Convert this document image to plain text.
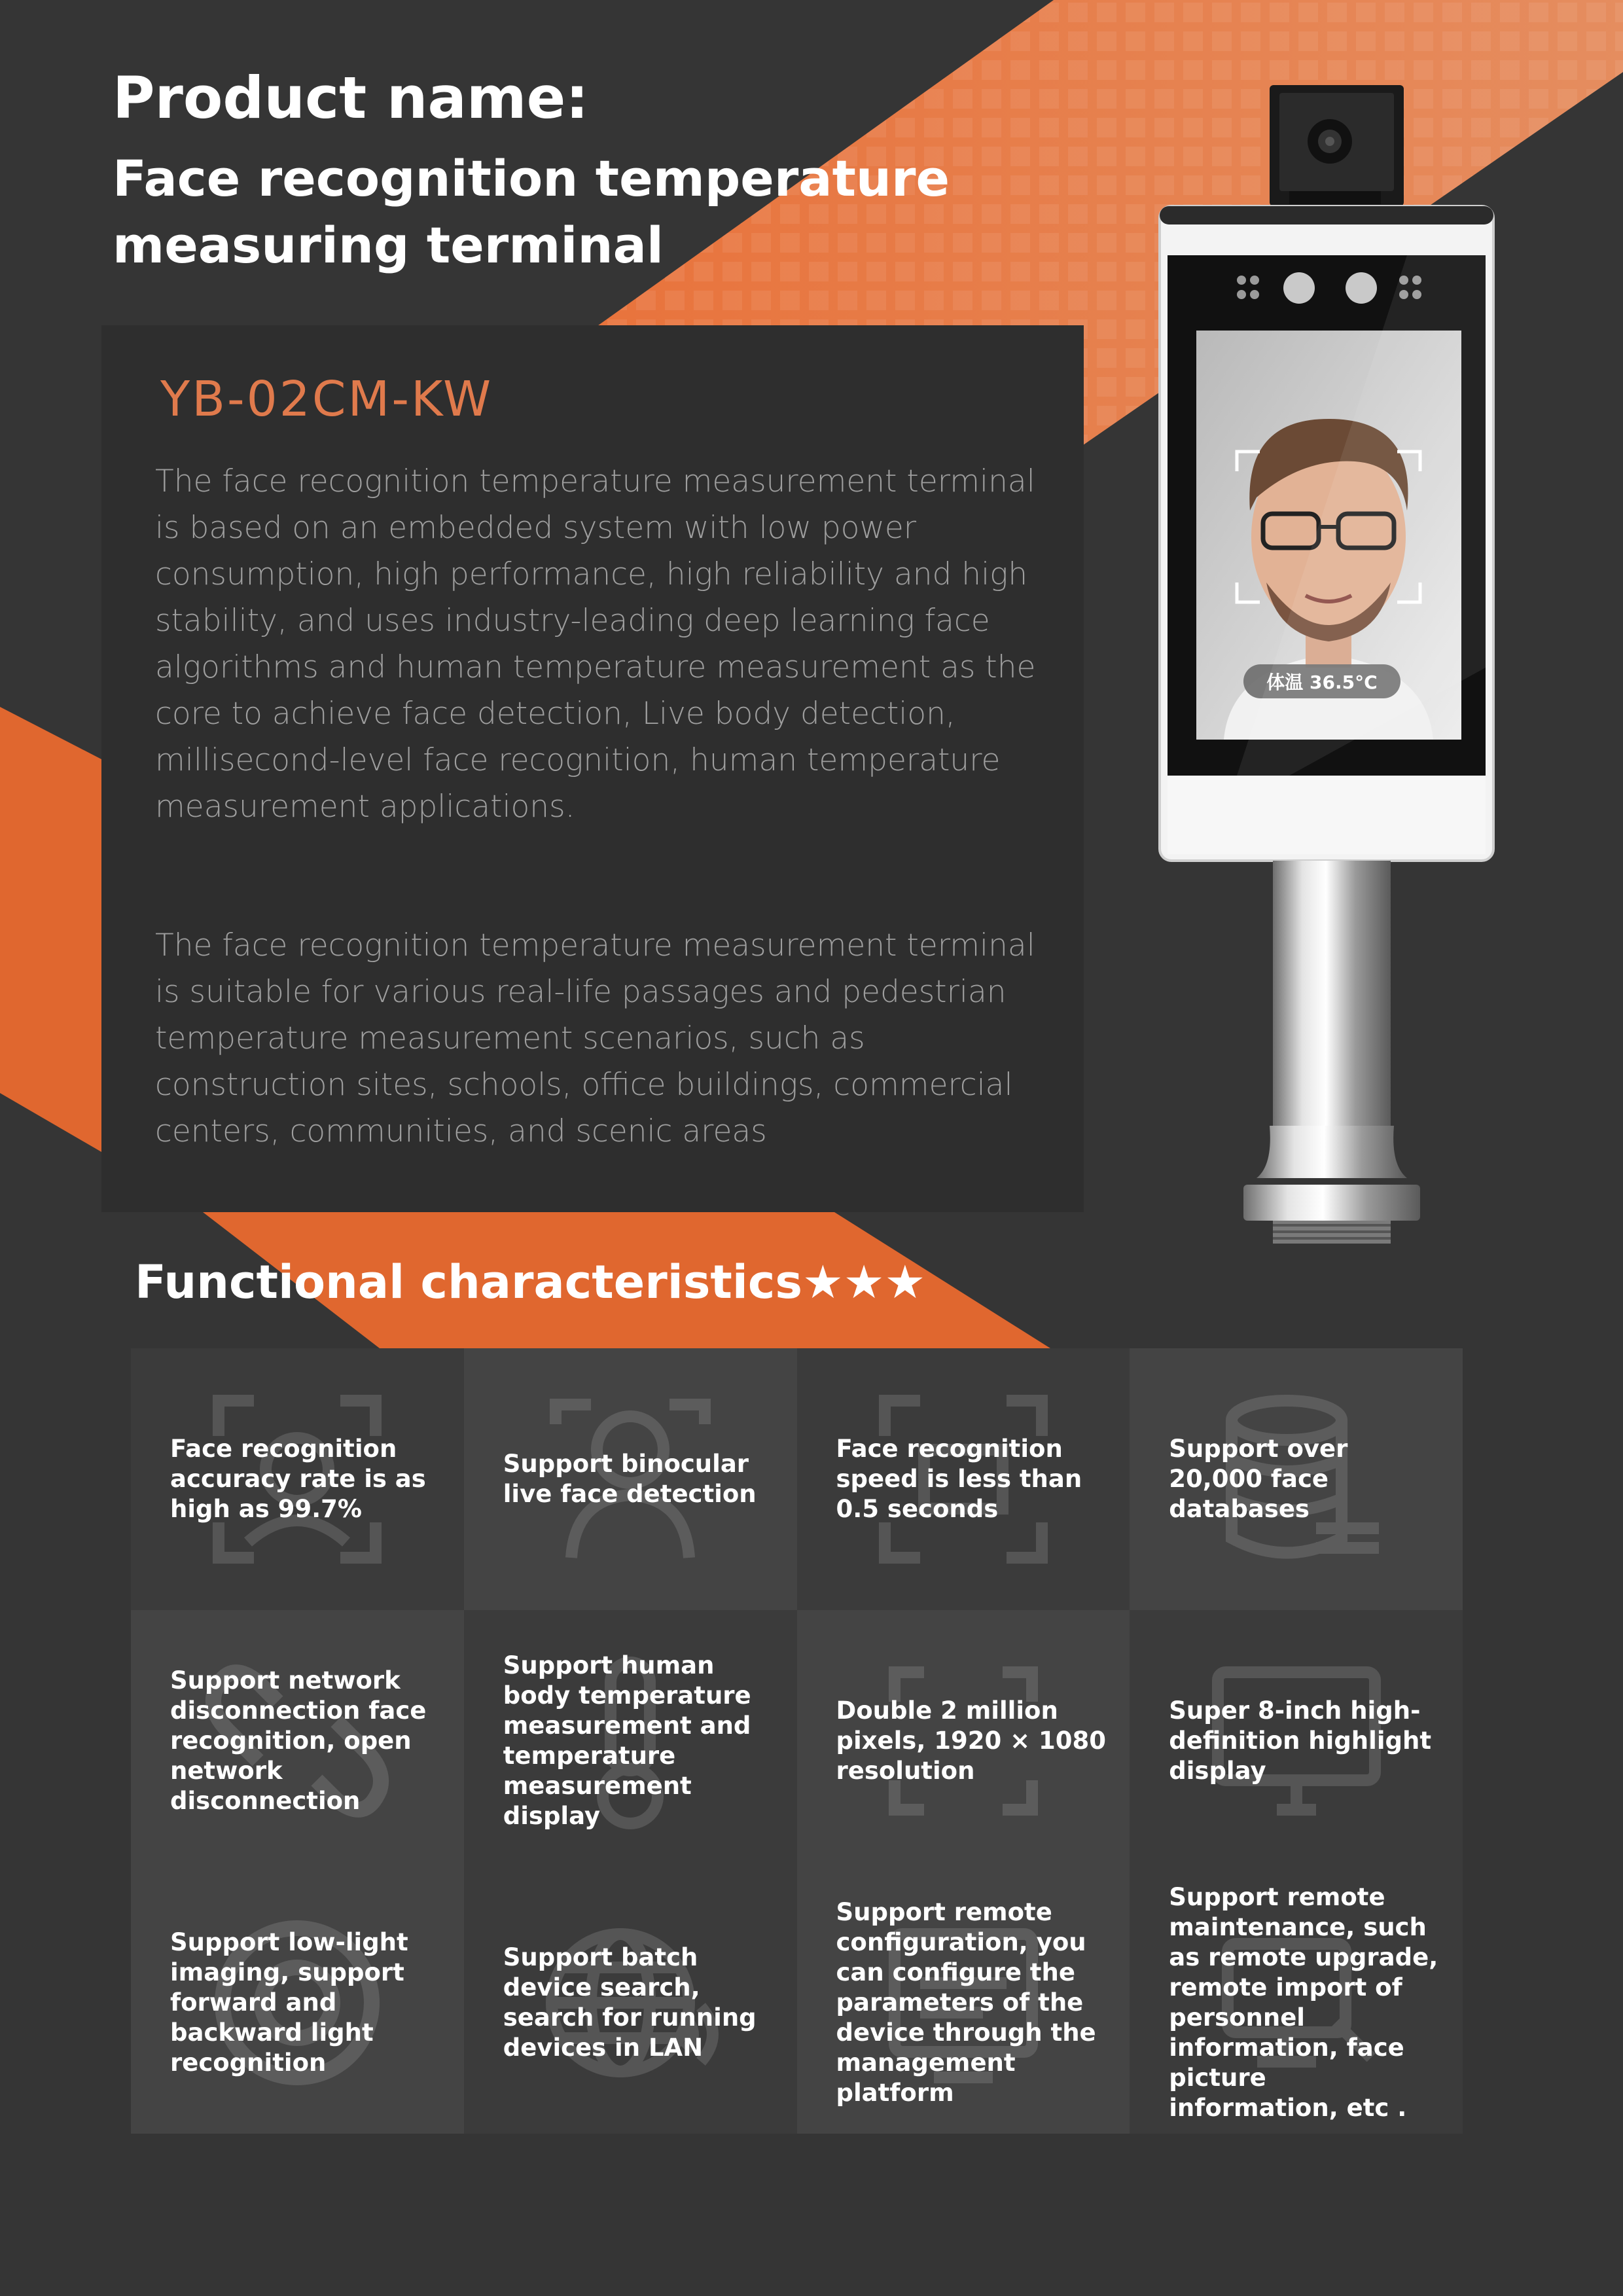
Product name:
Face recognition temperature measuring terminal
YB-02CM-KW

The face recognition temperature measurement terminal is based on an embedded system with low power consumption, high performance, high reliability and high stability, and uses industry-leading deep learning face algorithms and human temperature measurement as the core to achieve face detection, Live body detection, millisecond-level face recognition, human temperature measurement applications.

The face recognition temperature measurement terminal is suitable for various real-life passages and pedestrian temperature measurement scenarios, such as construction sites, schools, office buildings, commercial centers, communities, and scenic areas

体温 36.5°C
Functional characteristics★★★

Face recognition accuracy rate is as high as 99.7%

Support binocular live face detection

Face recognition speed is less than 0.5 seconds

Support over 20,000 face databases

Support network disconnection face recognition, open network disconnection

Support human body temperature measurement and temperature measurement display

Double 2 million pixels, 1920 × 1080 resolution

Super 8-inch high-definition highlight display

Support low-light imaging, support forward and backward light recognition

Support batch device search, search for running devices in LAN

Support remote configuration, you can configure the parameters of the device through the management platform

Support remote maintenance, such as remote upgrade, remote import of personnel information, face picture information, etc .
